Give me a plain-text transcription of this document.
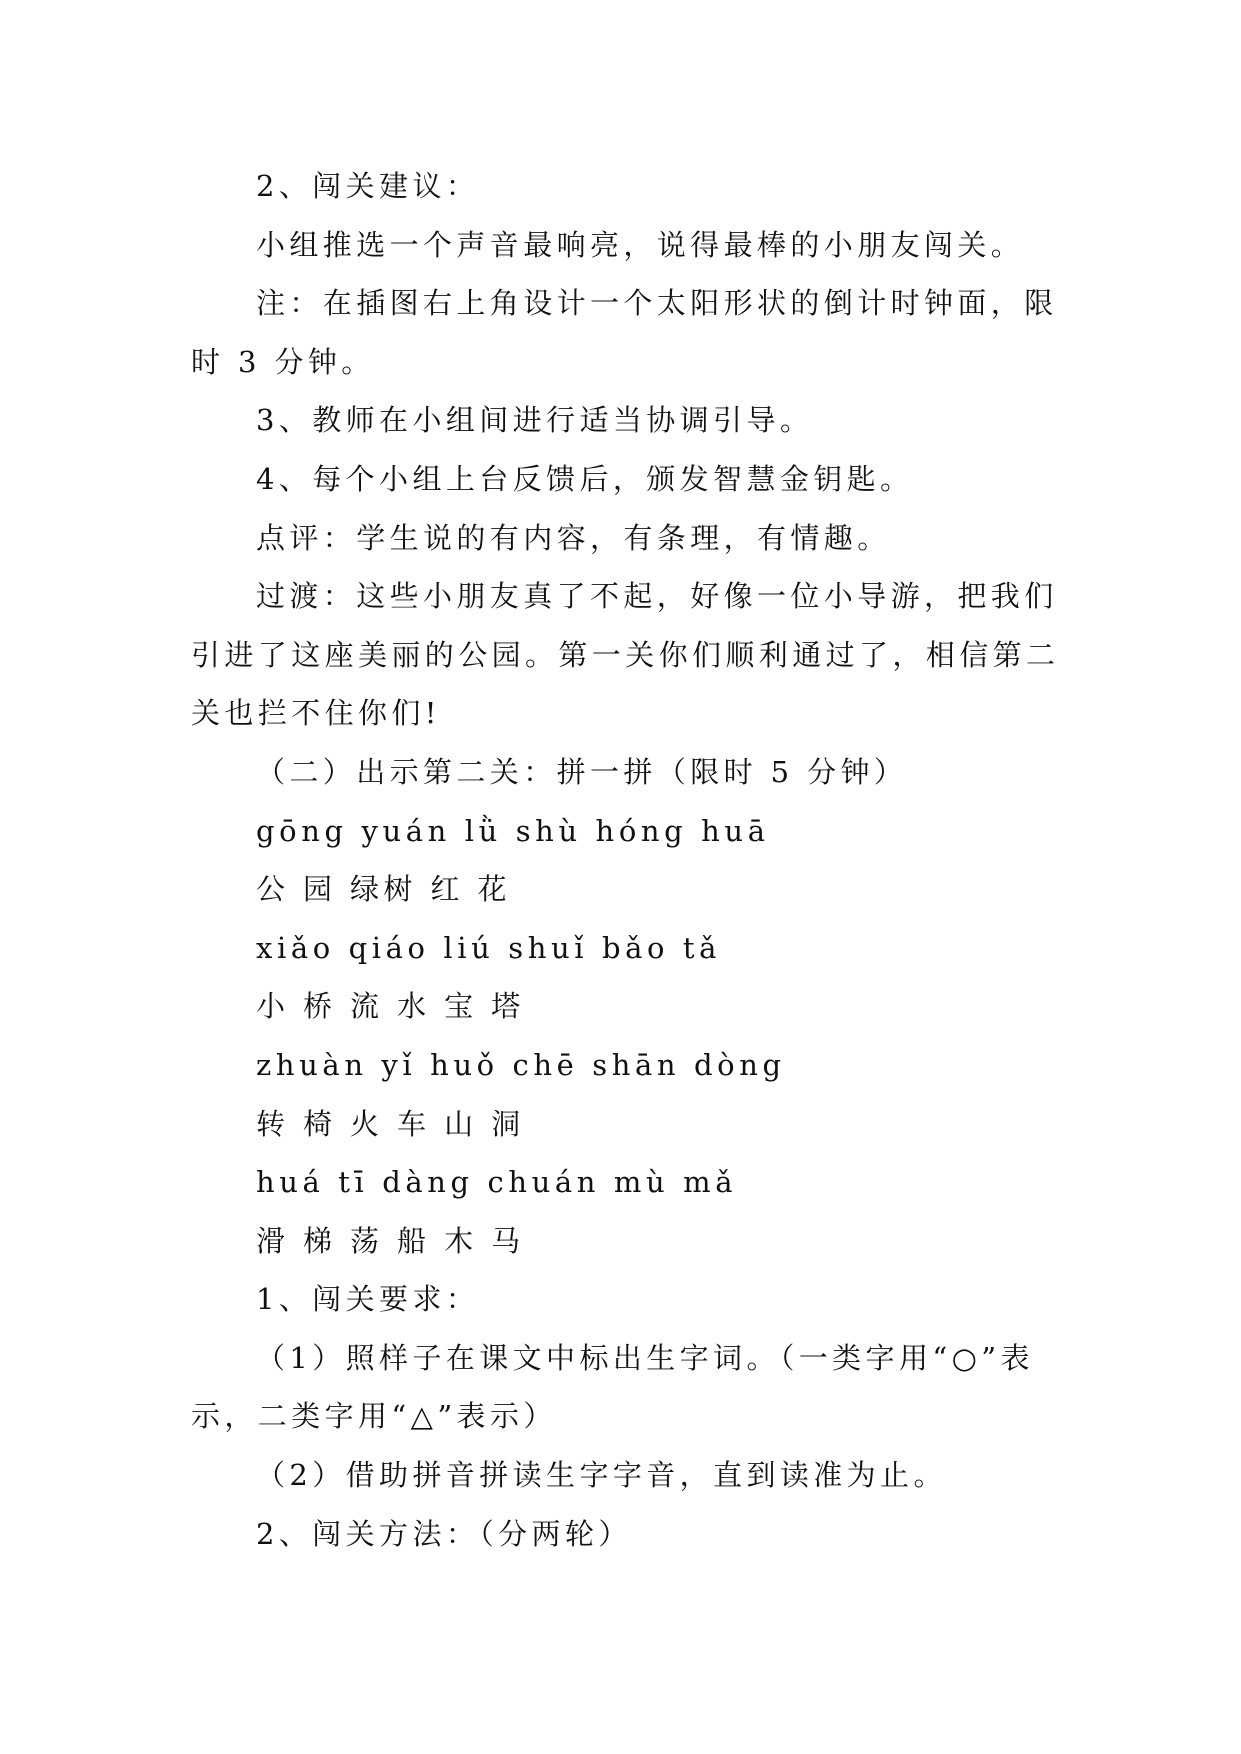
2、闯关建议：
小组推选一个声音最响亮，说得最棒的小朋友闯关。
注：在插图右上角设计一个太阳形状的倒计时钟面，限
时 3 分钟。
3、教师在小组间进行适当协调引导。
4、每个小组上台反馈后，颁发智慧金钥匙。
点评：学生说的有内容，有条理，有情趣。
过渡：这些小朋友真了不起，好像一位小导游，把我们
引进了这座美丽的公园。第一关你们顺利通过了，相信第二
关也拦不住你们!
（二）出示第二关：拼一拼（限时 5 分钟）
gōng yuán lǜ shù hóng huā
公 园 绿树 红 花
xiǎo qiáo liú shuǐ bǎo tǎ
小 桥 流 水 宝 塔
zhuàn yǐ huǒ chē shān dòng
转 椅 火 车 山 洞
huá tī dàng chuán mù mǎ
滑 梯 荡 船 木 马
1、闯关要求：
（1）照样子在课文中标出生字词。（一类字用“○”表
示，二类字用“△”表示）
（2）借助拼音拼读生字字音，直到读准为止。
2、闯关方法：（分两轮）
